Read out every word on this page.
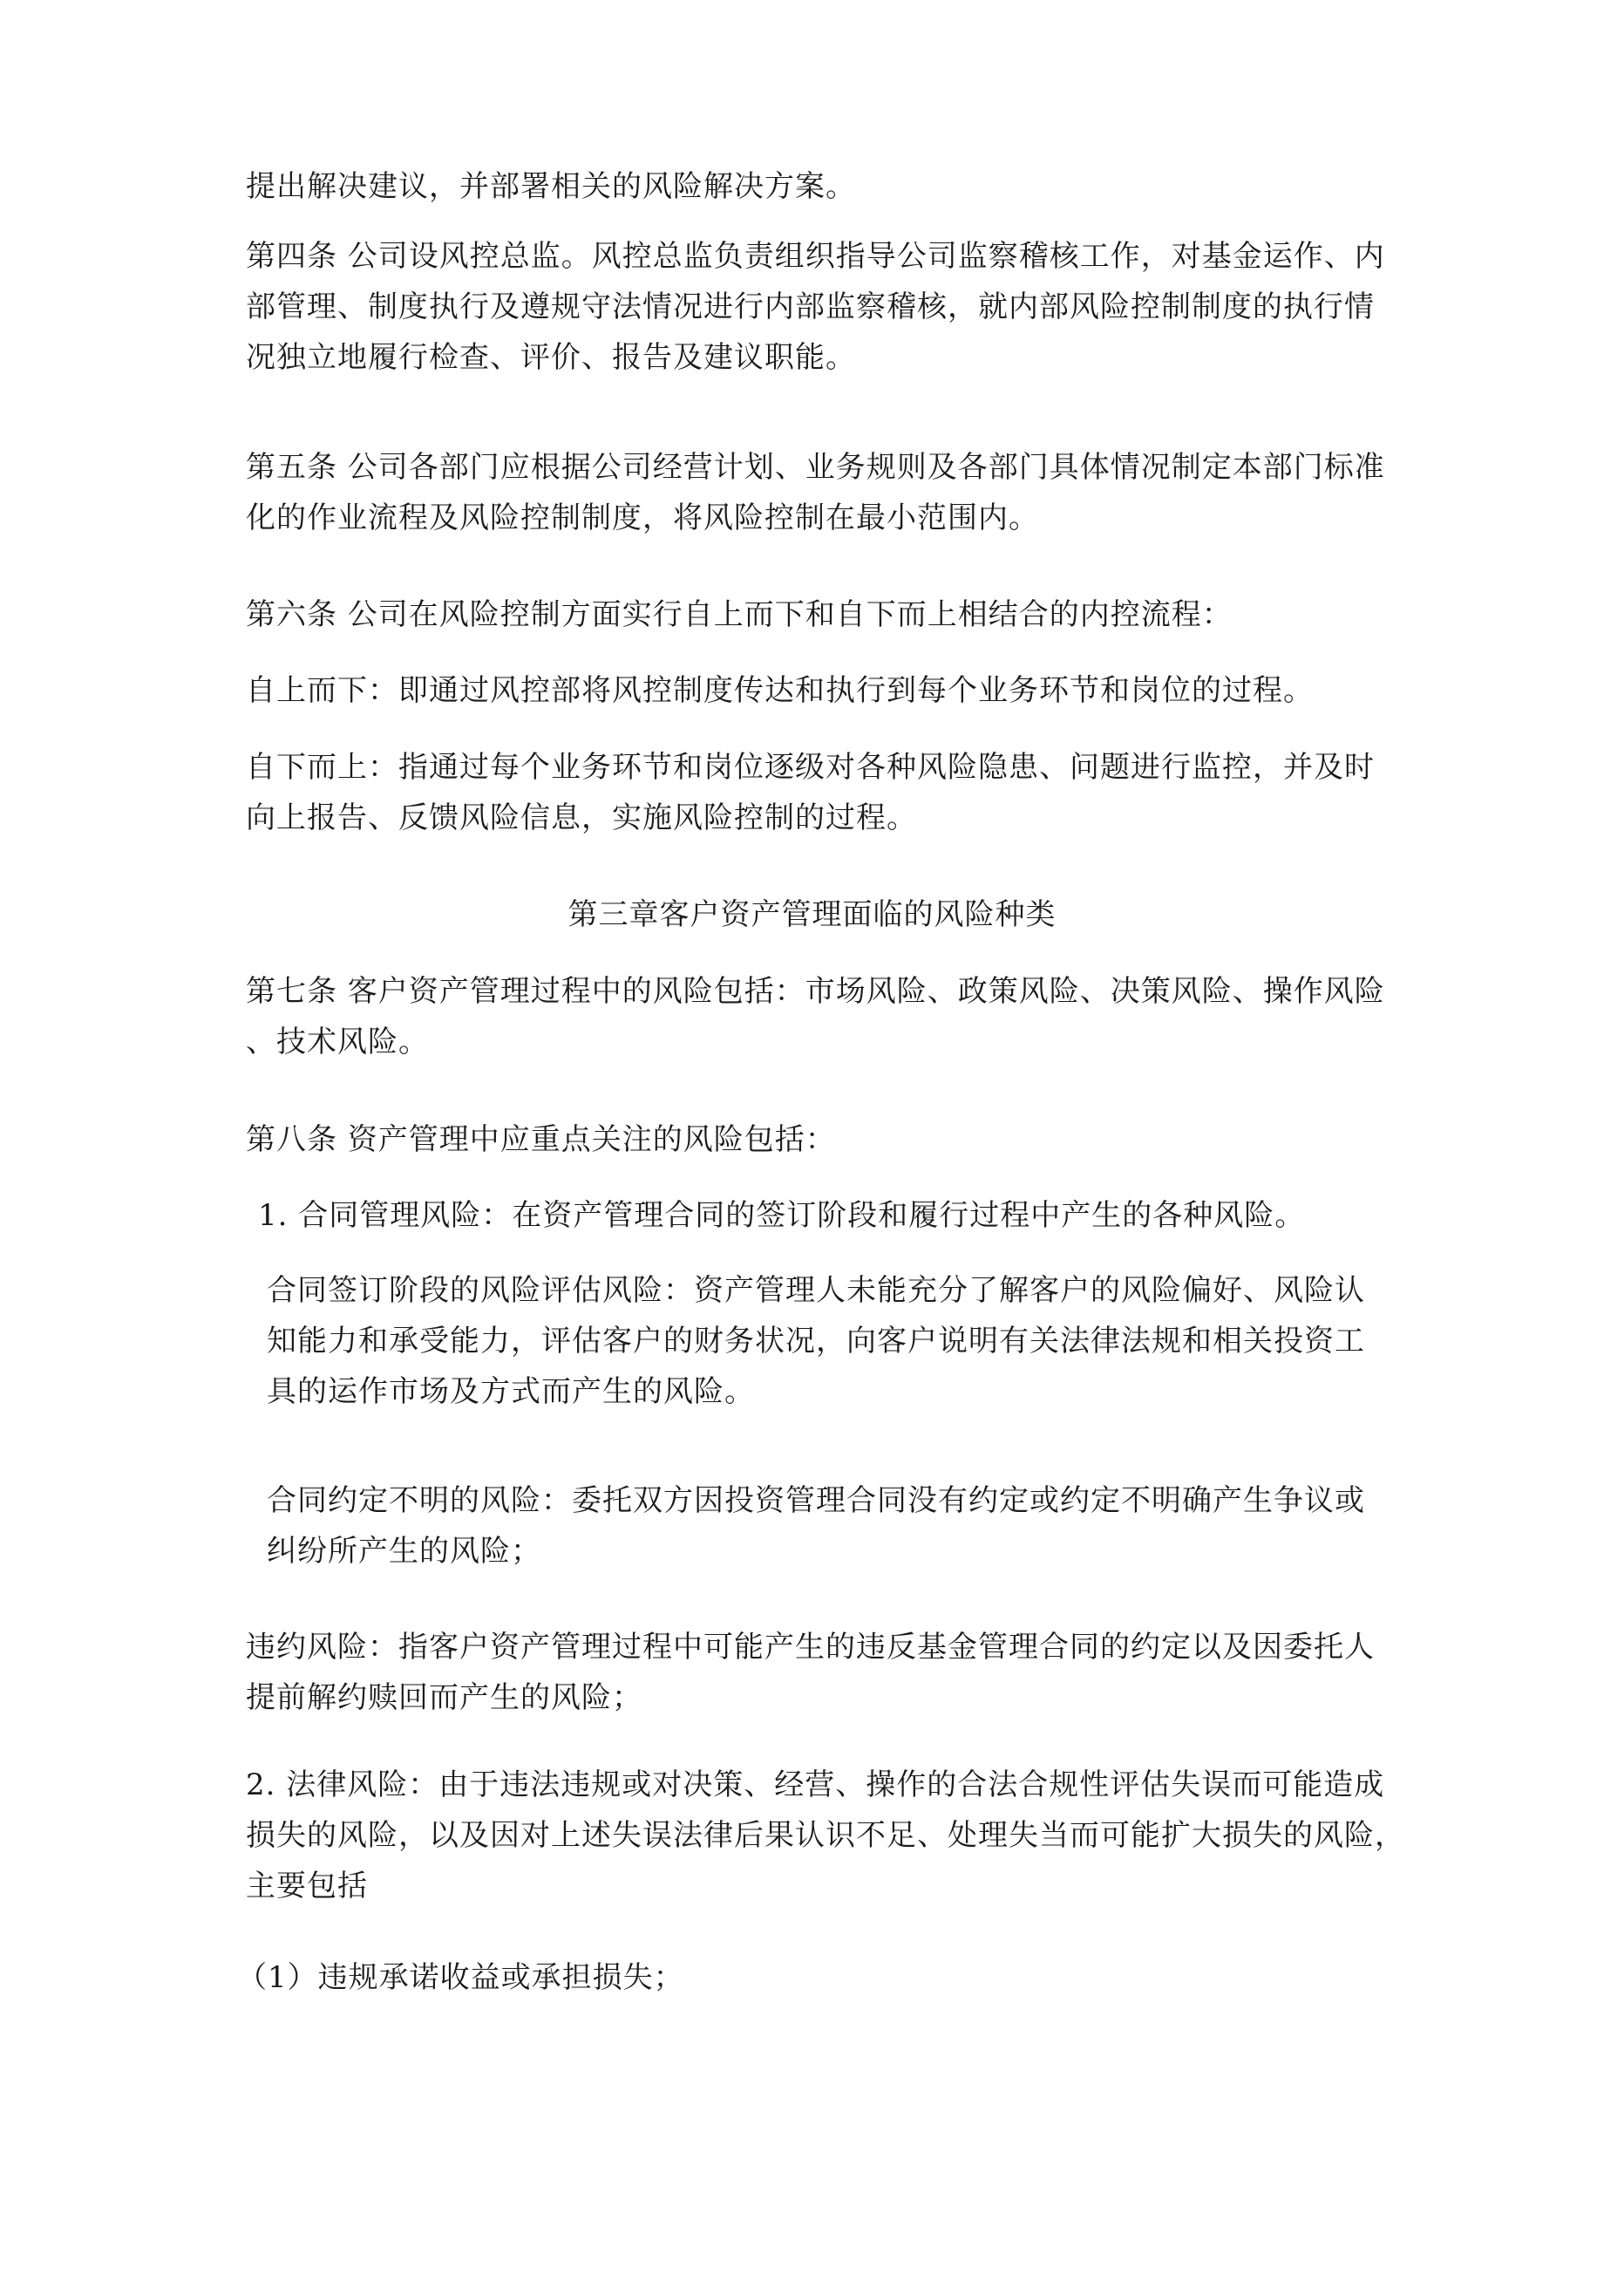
提出解决建议，并部署相关的风险解决方案。

第四条 公司设风控总监。风控总监负责组织指导公司监察稽核工作，对基金运作、内
部管理、制度执行及遵规守法情况进行内部监察稽核，就内部风险控制制度的执行情
况独立地履行检查、评价、报告及建议职能。

第五条 公司各部门应根据公司经营计划、业务规则及各部门具体情况制定本部门标准
化的作业流程及风险控制制度，将风险控制在最小范围内。

第六条 公司在风险控制方面实行自上而下和自下而上相结合的内控流程：

自上而下：即通过风控部将风控制度传达和执行到每个业务环节和岗位的过程。

自下而上：指通过每个业务环节和岗位逐级对各种风险隐患、问题进行监控，并及时
向上报告、反馈风险信息，实施风险控制的过程。

第三章客户资产管理面临的风险种类

第七条 客户资产管理过程中的风险包括：市场风险、政策风险、决策风险、操作风险
、技术风险。

第八条 资产管理中应重点关注的风险包括：

1. 合同管理风险：在资产管理合同的签订阶段和履行过程中产生的各种风险。

合同签订阶段的风险评估风险：资产管理人未能充分了解客户的风险偏好、风险认
知能力和承受能力，评估客户的财务状况，向客户说明有关法律法规和相关投资工
具的运作市场及方式而产生的风险。

合同约定不明的风险：委托双方因投资管理合同没有约定或约定不明确产生争议或
纠纷所产生的风险；

违约风险：指客户资产管理过程中可能产生的违反基金管理合同的约定以及因委托人
提前解约赎回而产生的风险；

2. 法律风险：由于违法违规或对决策、经营、操作的合法合规性评估失误而可能造成
损失的风险，以及因对上述失误法律后果认识不足、处理失当而可能扩大损失的风险，
主要包括

（1）违规承诺收益或承担损失；
